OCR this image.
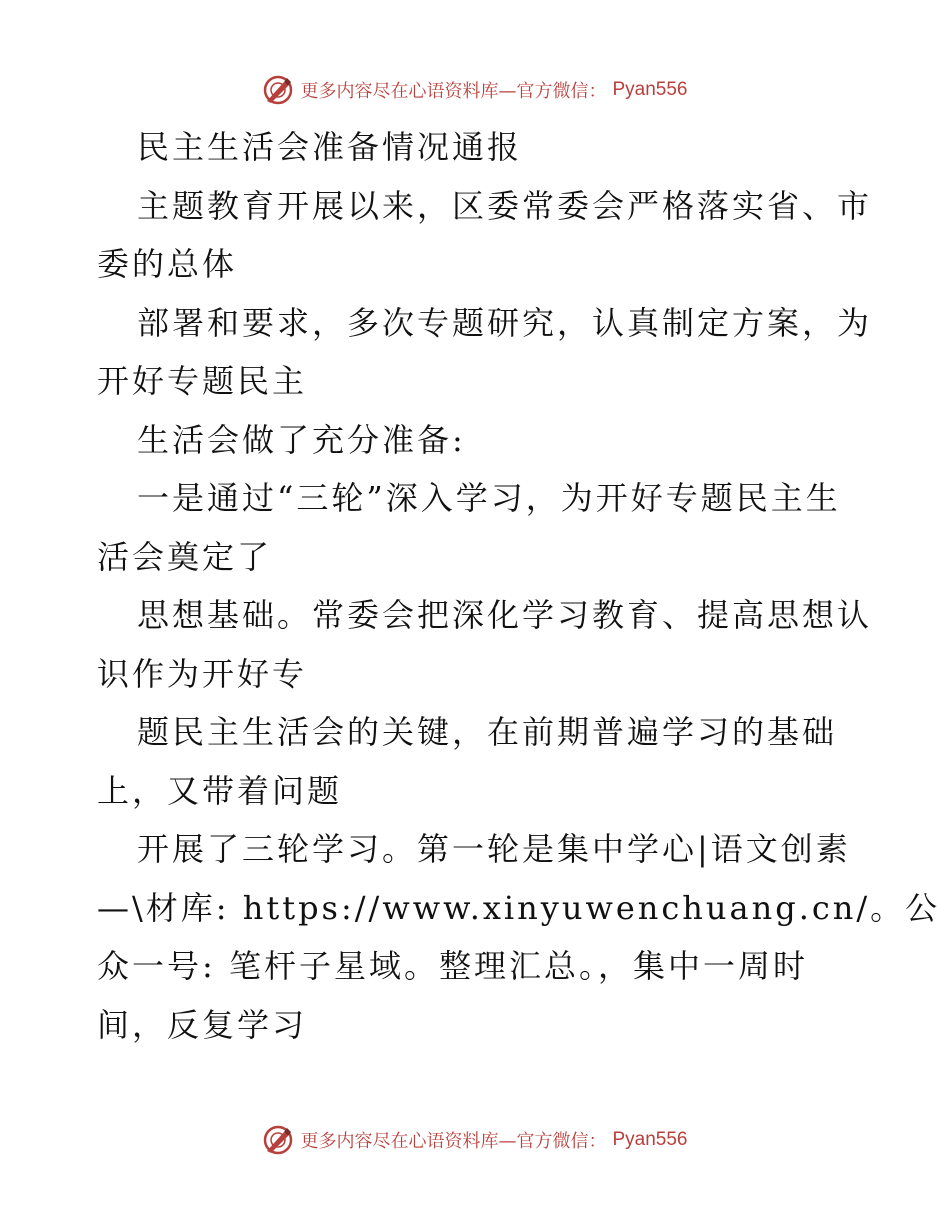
更多内容尽在心语资料库—官方微信： Pyan556
民主生活会准备情况通报
主题教育开展以来，区委常委会严格落实省、市
委的总体
部署和要求，多次专题研究，认真制定方案，为
开好专题民主
生活会做了充分准备:
一是通过“三轮”深入学习，为开好专题民主生
活会奠定了
思想基础。常委会把深化学习教育、提高思想认
识作为开好专
题民主生活会的关键，在前期普遍学习的基础
上，又带着问题
开展了三轮学习。第一轮是集中学心|语文创素
—\材库: https://www.xinyuwenchuang.cn/。公
众一号: 笔杆子星域。整理汇总。，集中一周时
间，反复学习
更多内容尽在心语资料库—官方微信： Pyan556
